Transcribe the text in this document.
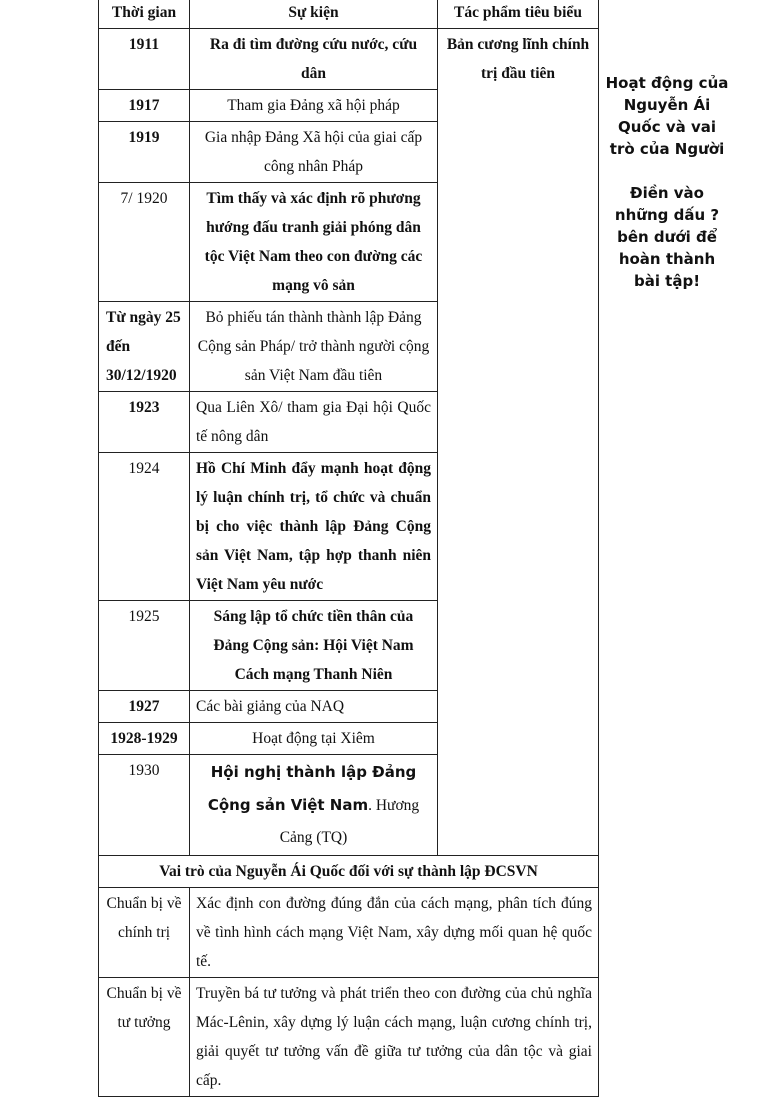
Thời gian	Sự kiện	Tác phẩm tiêu biểu
1911	Ra đi tìm đường cứu nước, cứu dân	Bản cương lĩnh chính trị đầu tiên
1917	Tham gia Đảng xã hội pháp	
1919	Gia nhập Đảng Xã hội của giai cấp công nhân Pháp	
7/ 1920	Tìm thấy và xác định rõ phương hướng đấu tranh giải phóng dân tộc Việt Nam theo con đường các mạng vô sản	
Từ ngày 25 đến 30/12/1920	Bỏ phiếu tán thành thành lập Đảng Cộng sản Pháp/ trở thành người cộng sản Việt Nam đầu tiên	
1923	Qua Liên Xô/ tham gia Đại hội Quốc tế nông dân	
1924	Hồ Chí Minh đẩy mạnh hoạt động lý luận chính trị, tổ chức và chuẩn bị cho việc thành lập Đảng Cộng sản Việt Nam, tập hợp thanh niên Việt Nam yêu nước	
1925	Sáng lập tổ chức tiền thân của Đảng Cộng sản: Hội Việt Nam Cách mạng Thanh Niên	
1927	Các bài giảng của NAQ	
1928-1929	Hoạt động tại Xiêm	
1930	Hội nghị thành lập Đảng Cộng sản Việt Nam. Hương Cảng (TQ)	
Vai trò của Nguyễn Ái Quốc đối với sự thành lập ĐCSVN		
Chuẩn bị về chính trị	Xác định con đường đúng đắn của cách mạng, phân tích đúng về tình hình cách mạng Việt Nam, xây dựng mối quan hệ quốc tế.	
Chuẩn bị về tư tưởng	Truyền bá tư tưởng và phát triển theo con đường của chủ nghĩa Mác-Lênin, xây dựng lý luận cách mạng, luận cương chính trị, giải quyết tư tưởng vấn đề giữa tư tưởng của dân tộc và giai cấp.	

Hoạt động của Nguyễn Ái Quốc và vai trò của Người

Điền vào những dấu ? bên dưới để hoàn thành bài tập!
